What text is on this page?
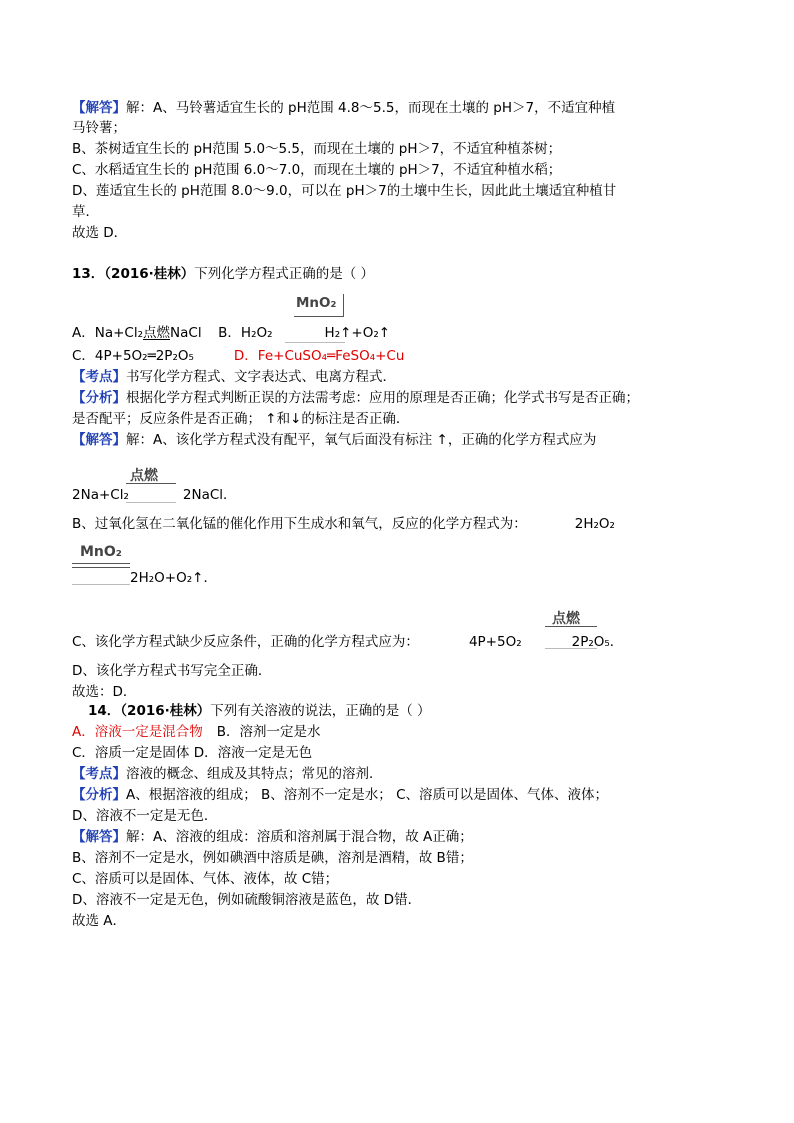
【解答】解：A、马铃薯适宜生长的 pH范围 4.8～5.5，而现在土壤的 pH＞7，不适宜种植
马铃薯；
B、茶树适宜生长的 pH范围 5.0～5.5，而现在土壤的 pH＞7，不适宜种植茶树；
C、水稻适宜生长的 pH范围 6.0～7.0，而现在土壤的 pH＞7，不适宜种植水稻；
D、莲适宜生长的 pH范围 8.0～9.0，可以在 pH＞7的土壤中生长，因此此土壤适宜种植甘
草．
故选 D．
13．（2016·桂林）下列化学方程式正确的是（ ）
MnO₂
A．Na+Cl₂点燃NaCl B．H₂O₂	H₂↑+O₂↑
C．4P+5O₂═2P₂O₅	D．Fe+CuSO₄═FeSO₄+Cu
【考点】书写化学方程式、文字表达式、电离方程式．
【分析】根据化学方程式判断正误的方法需考虑：应用的原理是否正确；化学式书写是否正确；
是否配平；反应条件是否正确； ↑和↓的标注是否正确．
【解答】解：A、该化学方程式没有配平，氧气后面没有标注 ↑，正确的化学方程式应为
点燃
2Na+Cl₂	2NaCl．
B、过氧化氢在二氧化锰的催化作用下生成水和氧气，反应的化学方程式为：	2H₂O₂
MnO₂
2H₂O+O₂↑．
点燃
C、该化学方程式缺少反应条件，正确的化学方程式应为：	4P+5O₂	2P₂O₅．
D、该化学方程式书写完全正确．
故选：D．
14．（2016·桂林）下列有关溶液的说法，正确的是（ ）
A．溶液一定是混合物 B．溶剂一定是水
C．溶质一定是固体 D．溶液一定是无色
【考点】溶液的概念、组成及其特点；常见的溶剂．
【分析】A、根据溶液的组成； B、溶剂不一定是水； C、溶质可以是固体、气体、液体；
D、溶液不一定是无色．
【解答】解：A、溶液的组成：溶质和溶剂属于混合物，故 A正确；
B、溶剂不一定是水，例如碘酒中溶质是碘，溶剂是酒精，故 B错；
C、溶质可以是固体、气体、液体，故 C错；
D、溶液不一定是无色，例如硫酸铜溶液是蓝色，故 D错．
故选 A．
